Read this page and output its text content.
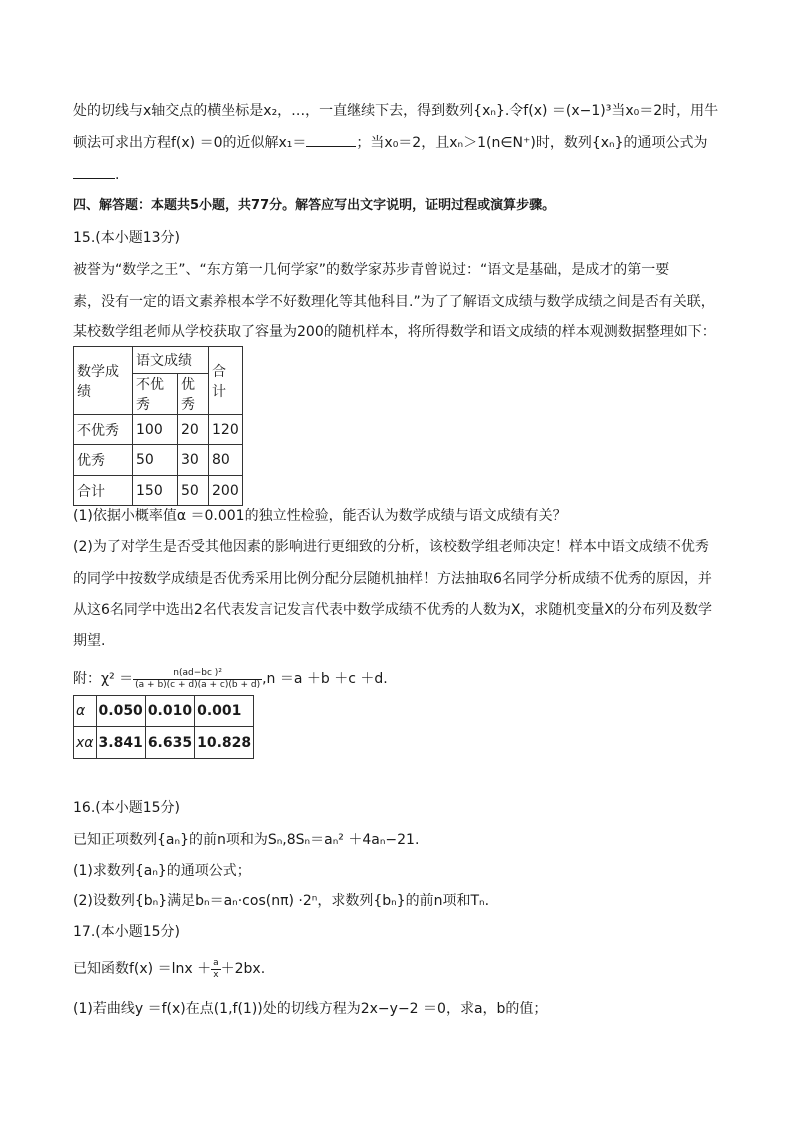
处的切线与x轴交点的横坐标是x₂，…，一直继续下去，得到数列{xₙ}.令f(x) ＝(x−1)³当x₀＝2时，用牛
顿法可求出方程f(x) ＝0的近似解x₁＝	；当x₀＝2，且xₙ＞1(n∈N⁺)时，数列{xₙ}的通项公式为
.
四、解答题：本题共5小题，共77分。解答应写出文字说明，证明过程或演算步骤。
15.(本小题13分)
被誉为“数学之王”、“东方第一几何学家”的数学家苏步青曾说过：“语文是基础，是成才的第一要
素，没有一定的语文素养根本学不好数理化等其他科目.”为了了解语文成绩与数学成绩之间是否有关联，
某校数学组老师从学校获取了容量为200的随机样本，将所得数学和语文成绩的样本观测数据整理如下：
数学成绩	语文成绩		合计
	不优秀	优秀	
不优秀	100	20	120
优秀	50	30	80
合计	150	50	200
(1)依据小概率值α ＝0.001的独立性检验，能否认为数学成绩与语文成绩有关？
(2)为了对学生是否受其他因素的影响进行更细致的分析，该校数学组老师决定！样本中语文成绩不优秀
的同学中按数学成绩是否优秀采用比例分配分层随机抽样！方法抽取6名同学分析成绩不优秀的原因，并
从这6名同学中选出2名代表发言记发言代表中数学成绩不优秀的人数为X，求随机变量X的分布列及数学
期望.
附：$\chi^2 = \frac{\text{n(ad−bc )²}}{(a + b)(c + d)(a + c)(b + d)} ,n =a +b +c +d$.
α	0.050	0.010	0.001
xα	3.841	6.635	10.828
16.(本小题15分)
已知正项数列{aₙ}的前n项和为Sₙ,8Sₙ＝aₙ² ＋4aₙ−21.
(1)求数列{aₙ}的通项公式；
(2)设数列{bₙ}满足bₙ＝aₙ·cos(nπ) ·2ⁿ，求数列{bₙ}的前n项和Tₙ.
17.(本小题15分)
已知函数$f(x) =\ln x + \frac{a}{x} +2bx$.
(1)若曲线y ＝f(x)在点(1,f(1))处的切线方程为2x−y−2 ＝0，求a，b的值；
